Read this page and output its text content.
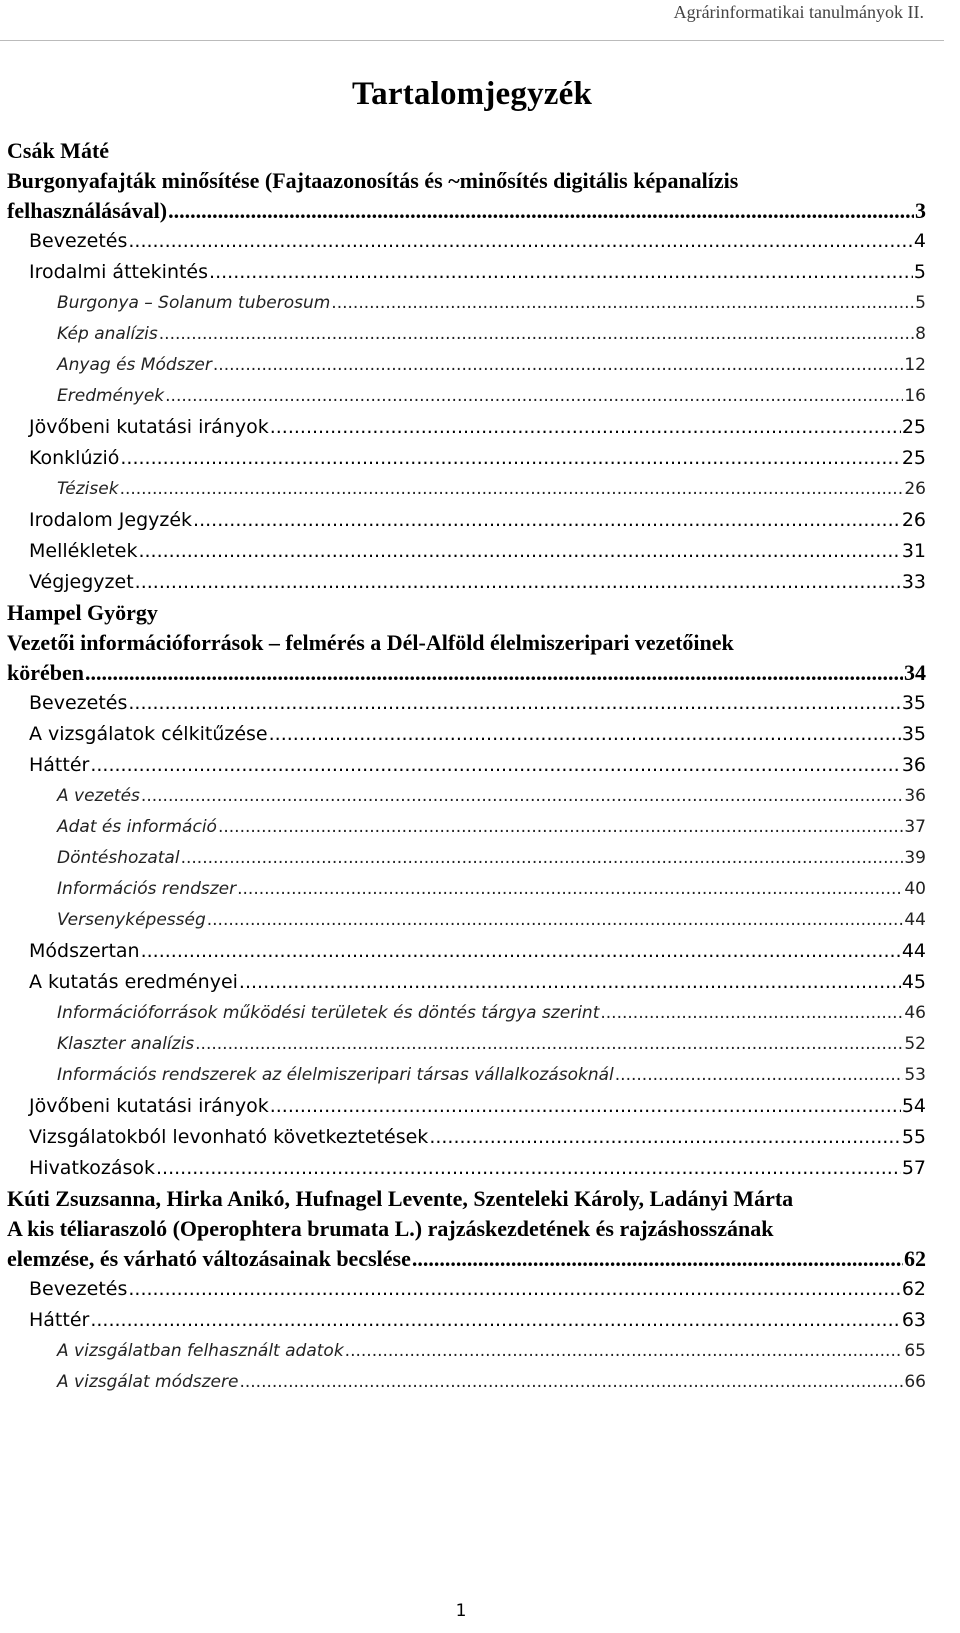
Agrárinformatikai tanulmányok II.
Tartalomjegyzék
Csák Máté
Burgonyafajták minősítése (Fajtaazonosítás és ~minősítés digitális képanalízis
felhasználásával) .....	3
Bevezetés .....	4
Irodalmi áttekintés .....	5
Burgonya – Solanum tuberosum .....	5
Kép analízis .....	8
Anyag és Módszer .....	12
Eredmények .....	16
Jövőbeni kutatási irányok .....	25
Konklúzió .....	25
Tézisek .....	26
Irodalom Jegyzék .....	26
Mellékletek .....	31
Végjegyzet .....	33
Hampel György
Vezetői információforrások – felmérés a Dél-Alföld élelmiszeripari vezetőinek
körében .....	34
Bevezetés .....	35
A vizsgálatok célkitűzése .....	35
Háttér .....	36
A vezetés .....	36
Adat és információ .....	37
Döntéshozatal .....	39
Információs rendszer .....	40
Versenyképesség .....	44
Módszertan .....	44
A kutatás eredményei .....	45
Információforrások működési területek és döntés tárgya szerint .....	46
Klaszter analízis .....	52
Információs rendszerek az élelmiszeripari társas vállalkozásoknál .....	53
Jövőbeni kutatási irányok .....	54
Vizsgálatokból levonható következtetések .....	55
Hivatkozások .....	57
Kúti Zsuzsanna, Hirka Anikó, Hufnagel Levente, Szenteleki Károly, Ladányi Márta
A kis téliaraszoló (Operophtera brumata L.) rajzáskezdetének és rajzáshosszának
elemzése, és várható változásainak becslése .....	62
Bevezetés .....	62
Háttér .....	63
A vizsgálatban felhasznált adatok .....	65
A vizsgálat módszere .....	66
1
